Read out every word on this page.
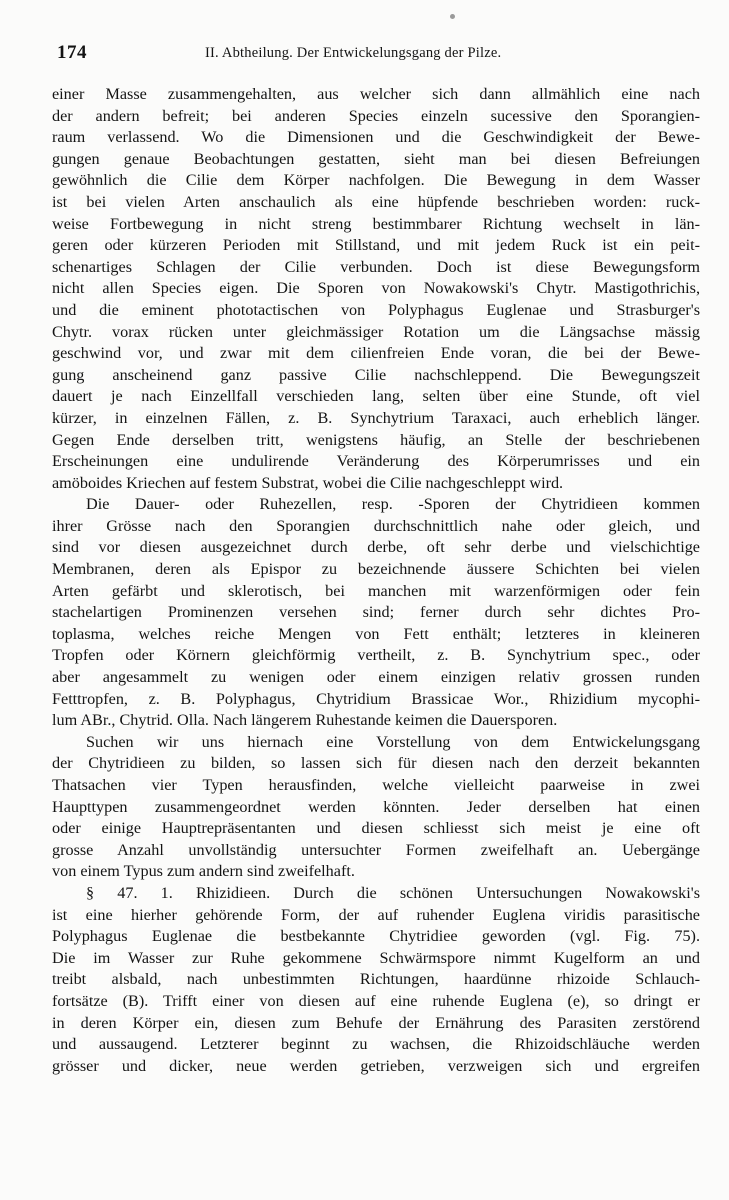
174	II. Abtheilung. Der Entwickelungsgang der Pilze.
einer Masse zusammengehalten, aus welcher sich dann allmählich eine nach
der andern befreit; bei anderen Species einzeln sucessive den Sporangien-
raum verlassend. Wo die Dimensionen und die Geschwindigkeit der Bewe-
gungen genaue Beobachtungen gestatten, sieht man bei diesen Befreiungen
gewöhnlich die Cilie dem Körper nachfolgen. Die Bewegung in dem Wasser
ist bei vielen Arten anschaulich als eine hüpfende beschrieben worden: ruck-
weise Fortbewegung in nicht streng bestimmbarer Richtung wechselt in län-
geren oder kürzeren Perioden mit Stillstand, und mit jedem Ruck ist ein peit-
schenartiges Schlagen der Cilie verbunden. Doch ist diese Bewegungsform
nicht allen Species eigen. Die Sporen von Nowakowski's Chytr. Mastigothrichis,
und die eminent phototactischen von Polyphagus Euglenae und Strasburger's
Chytr. vorax rücken unter gleichmässiger Rotation um die Längsachse mässig
geschwind vor, und zwar mit dem cilienfreien Ende voran, die bei der Bewe-
gung anscheinend ganz passive Cilie nachschleppend. Die Bewegungszeit
dauert je nach Einzellfall verschieden lang, selten über eine Stunde, oft viel
kürzer, in einzelnen Fällen, z. B. Synchytrium Taraxaci, auch erheblich länger.
Gegen Ende derselben tritt, wenigstens häufig, an Stelle der beschriebenen
Erscheinungen eine undulirende Veränderung des Körperumrisses und ein
amöboides Kriechen auf festem Substrat, wobei die Cilie nachgeschleppt wird.
Die Dauer- oder Ruhezellen, resp. -Sporen der Chytridieen kommen
ihrer Grösse nach den Sporangien durchschnittlich nahe oder gleich, und
sind vor diesen ausgezeichnet durch derbe, oft sehr derbe und vielschichtige
Membranen, deren als Epispor zu bezeichnende äussere Schichten bei vielen
Arten gefärbt und sklerotisch, bei manchen mit warzenförmigen oder fein
stachelartigen Prominenzen versehen sind; ferner durch sehr dichtes Pro-
toplasma, welches reiche Mengen von Fett enthält; letzteres in kleineren
Tropfen oder Körnern gleichförmig vertheilt, z. B. Synchytrium spec., oder
aber angesammelt zu wenigen oder einem einzigen relativ grossen runden
Fetttropfen, z. B. Polyphagus, Chytridium Brassicae Wor., Rhizidium mycophi-
lum ABr., Chytrid. Olla. Nach längerem Ruhestande keimen die Dauersporen.
Suchen wir uns hiernach eine Vorstellung von dem Entwickelungsgang
der Chytridieen zu bilden, so lassen sich für diesen nach den derzeit bekannten
Thatsachen vier Typen herausfinden, welche vielleicht paarweise in zwei
Haupttypen zusammengeordnet werden könnten. Jeder derselben hat einen
oder einige Hauptrepräsentanten und diesen schliesst sich meist je eine oft
grosse Anzahl unvollständig untersuchter Formen zweifelhaft an. Uebergänge
von einem Typus zum andern sind zweifelhaft.
§ 47. 1. Rhizidieen. Durch die schönen Untersuchungen Nowakowski's
ist eine hierher gehörende Form, der auf ruhender Euglena viridis parasitische
Polyphagus Euglenae die bestbekannte Chytridiee geworden (vgl. Fig. 75).
Die im Wasser zur Ruhe gekommene Schwärmspore nimmt Kugelform an und
treibt alsbald, nach unbestimmten Richtungen, haardünne rhizoide Schlauch-
fortsätze (B). Trifft einer von diesen auf eine ruhende Euglena (e), so dringt er
in deren Körper ein, diesen zum Behufe der Ernährung des Parasiten zerstörend
und aussaugend. Letzterer beginnt zu wachsen, die Rhizoidschläuche werden
grösser und dicker, neue werden getrieben, verzweigen sich und ergreifen
